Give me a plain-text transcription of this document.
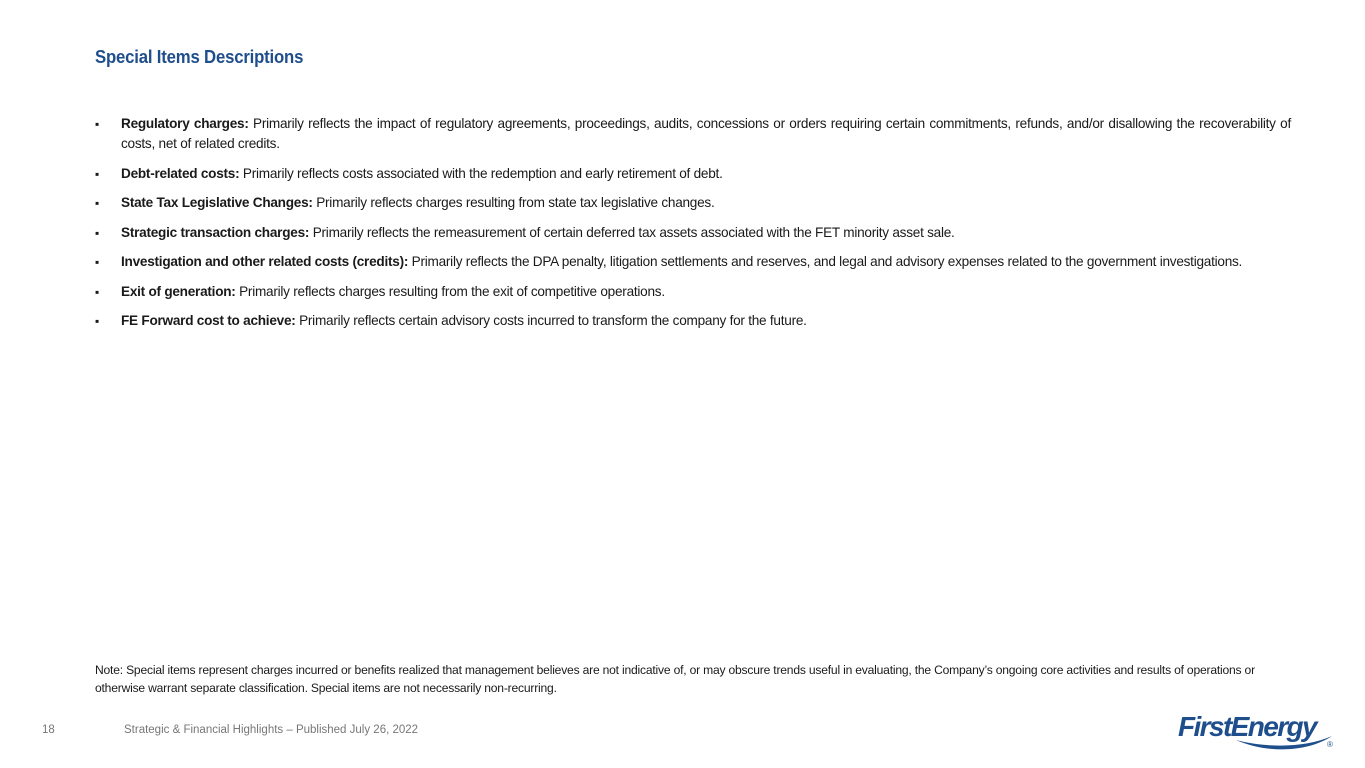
Special Items Descriptions
▪ Regulatory charges: Primarily reflects the impact of regulatory agreements, proceedings, audits, concessions or orders requiring certain commitments, refunds, and/or disallowing the recoverability of costs, net of related credits.
▪ Debt-related costs: Primarily reflects costs associated with the redemption and early retirement of debt.
▪ State Tax Legislative Changes: Primarily reflects charges resulting from state tax legislative changes.
▪ Strategic transaction charges: Primarily reflects the remeasurement of certain deferred tax assets associated with the FET minority asset sale.
▪ Investigation and other related costs (credits): Primarily reflects the DPA penalty, litigation settlements and reserves, and legal and advisory expenses related to the government investigations.
▪ Exit of generation: Primarily reflects charges resulting from the exit of competitive operations.
▪ FE Forward cost to achieve: Primarily reflects certain advisory costs incurred to transform the company for the future.
Note: Special items represent charges incurred or benefits realized that management believes are not indicative of, or may obscure trends useful in evaluating, the Company’s ongoing core activities and results of operations or otherwise warrant separate classification. Special items are not necessarily non-recurring.
18	Strategic & Financial Highlights – Published July 26, 2022	FirstEnergy
®
